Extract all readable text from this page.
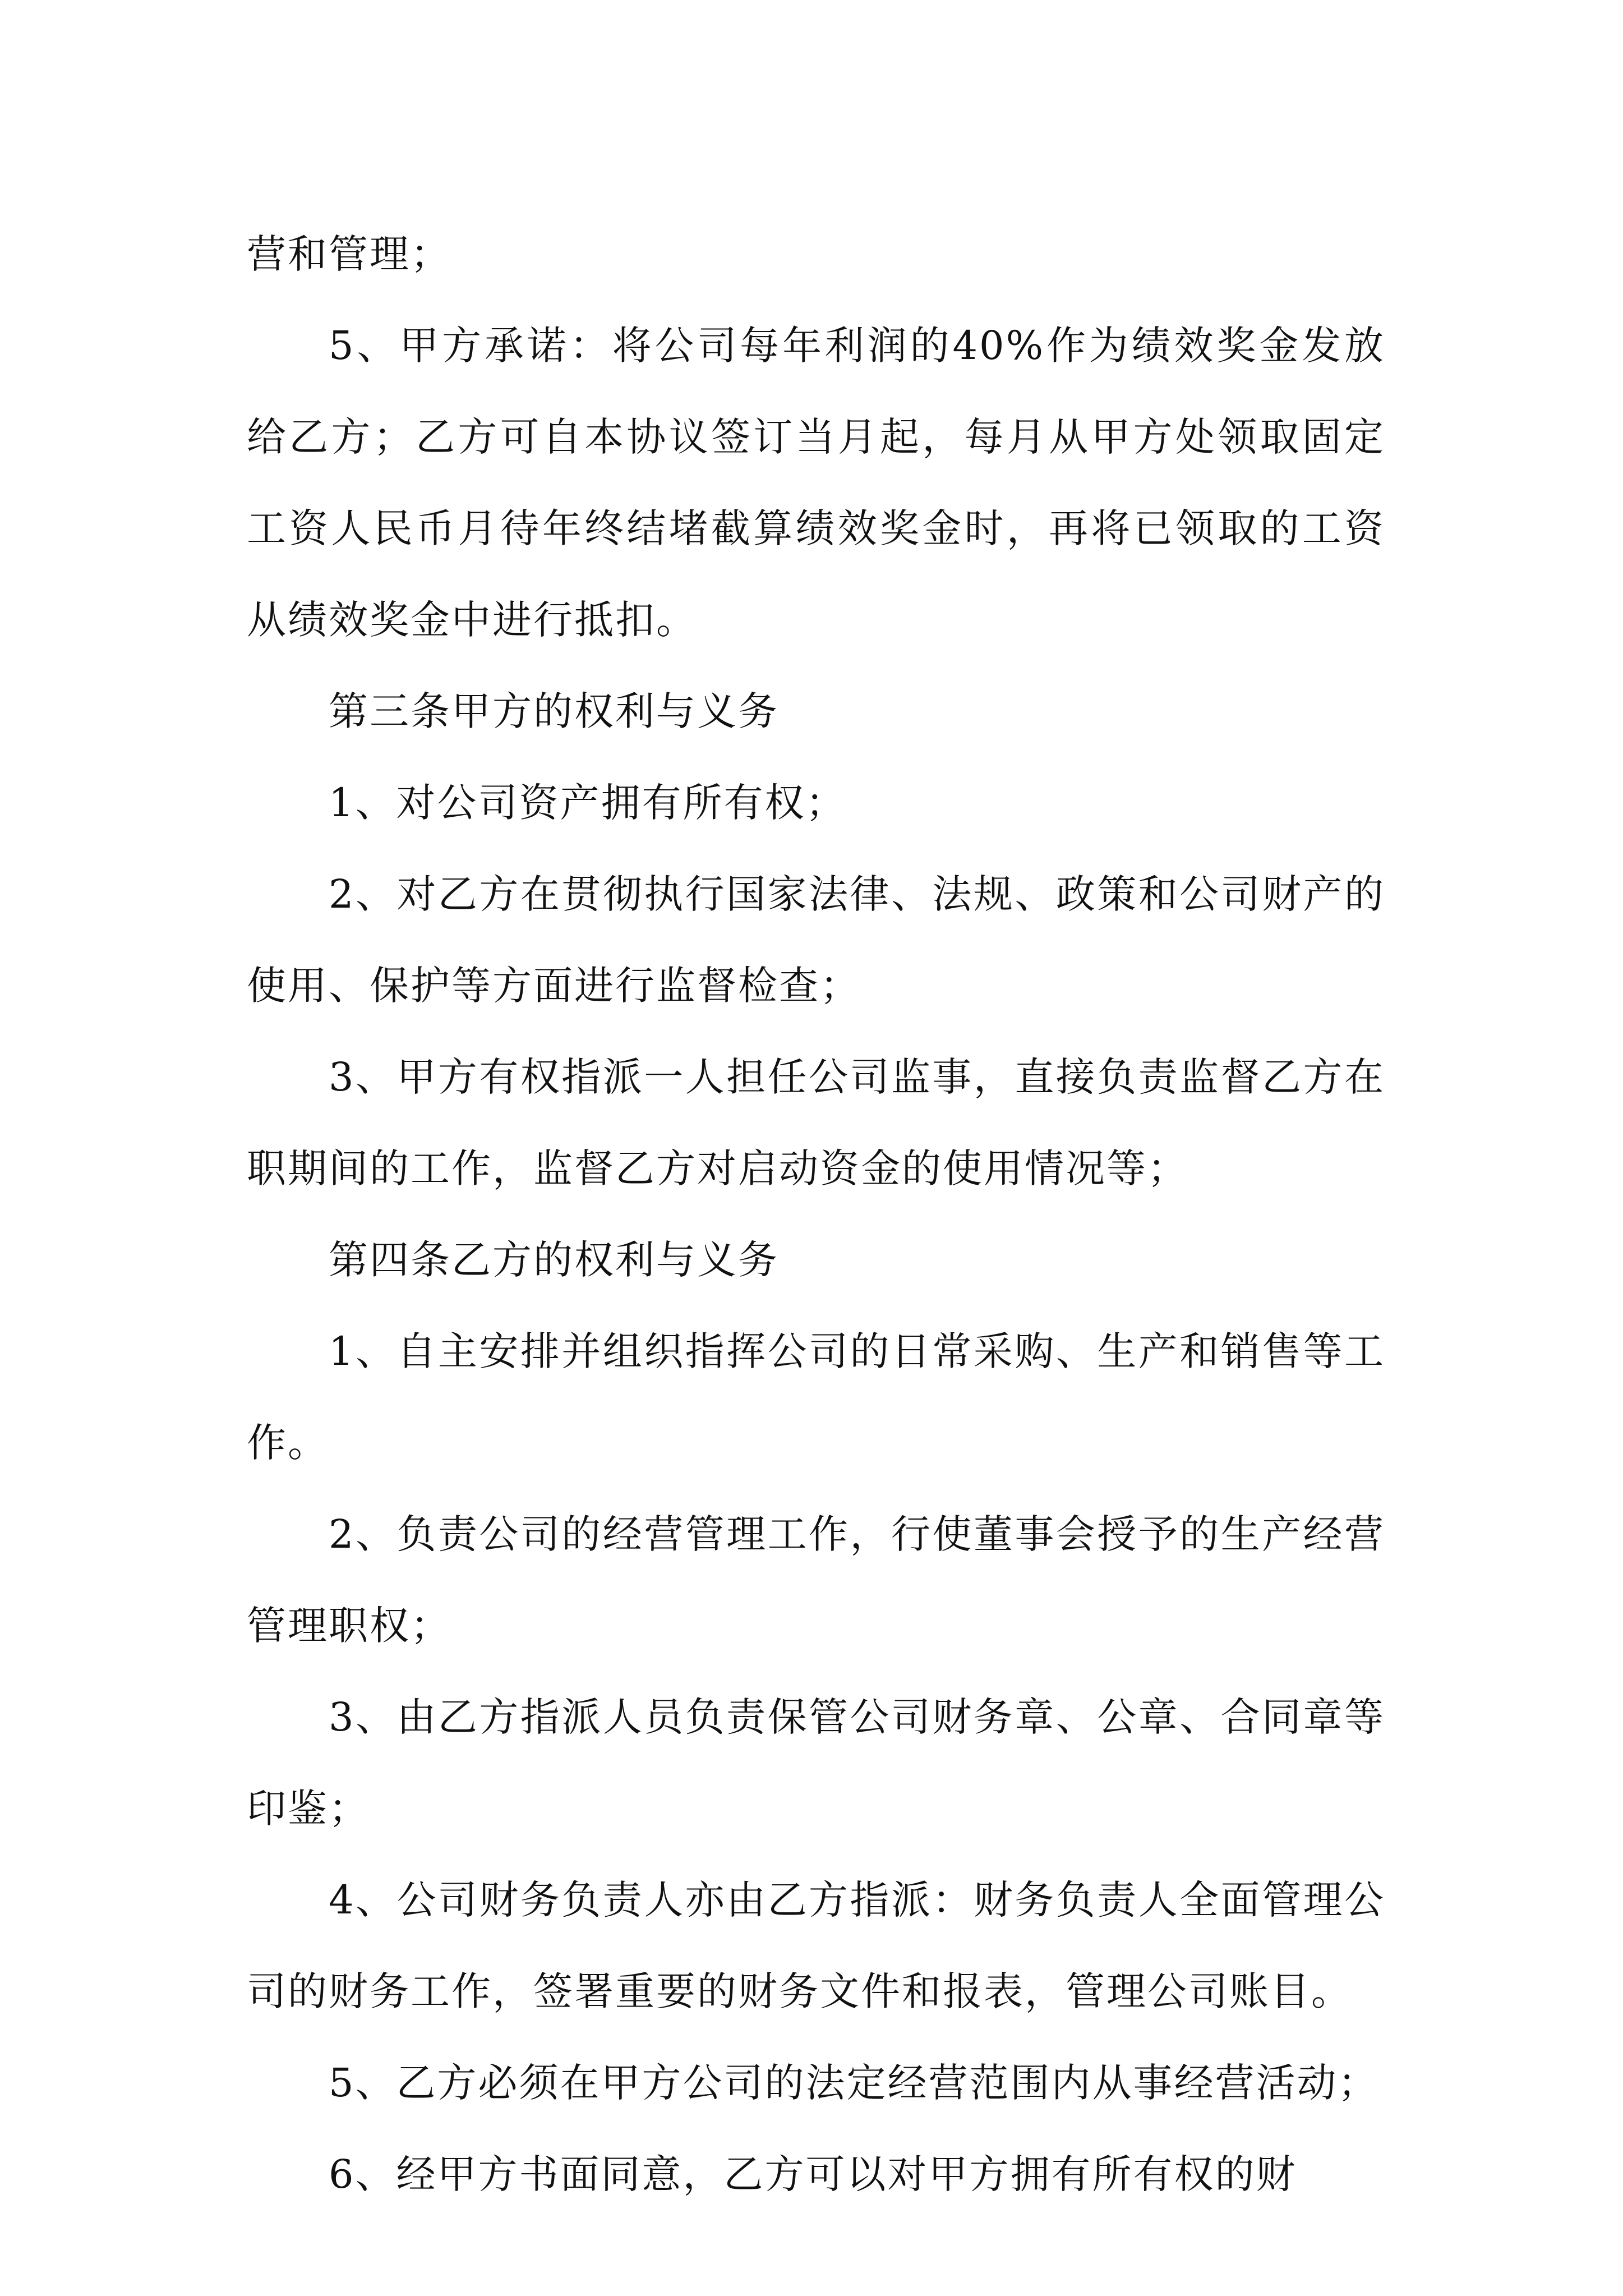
营和管理；

5、甲方承诺：将公司每年利润的40%作为绩效奖金发放给乙方；乙方可自本协议签订当月起，每月从甲方处领取固定工资人民币月待年终结堵截算绩效奖金时，再将已领取的工资从绩效奖金中进行抵扣。

第三条甲方的权利与义务

1、对公司资产拥有所有权；

2、对乙方在贯彻执行国家法律、法规、政策和公司财产的使用、保护等方面进行监督检查；

3、甲方有权指派一人担任公司监事，直接负责监督乙方在职期间的工作，监督乙方对启动资金的使用情况等；

第四条乙方的权利与义务

1、自主安排并组织指挥公司的日常采购、生产和销售等工作。

2、负责公司的经营管理工作，行使董事会授予的生产经营管理职权；

3、由乙方指派人员负责保管公司财务章、公章、合同章等印鉴；

4、公司财务负责人亦由乙方指派：财务负责人全面管理公司的财务工作，签署重要的财务文件和报表，管理公司账目。

5、乙方必须在甲方公司的法定经营范围内从事经营活动；

6、经甲方书面同意，乙方可以对甲方拥有所有权的财
